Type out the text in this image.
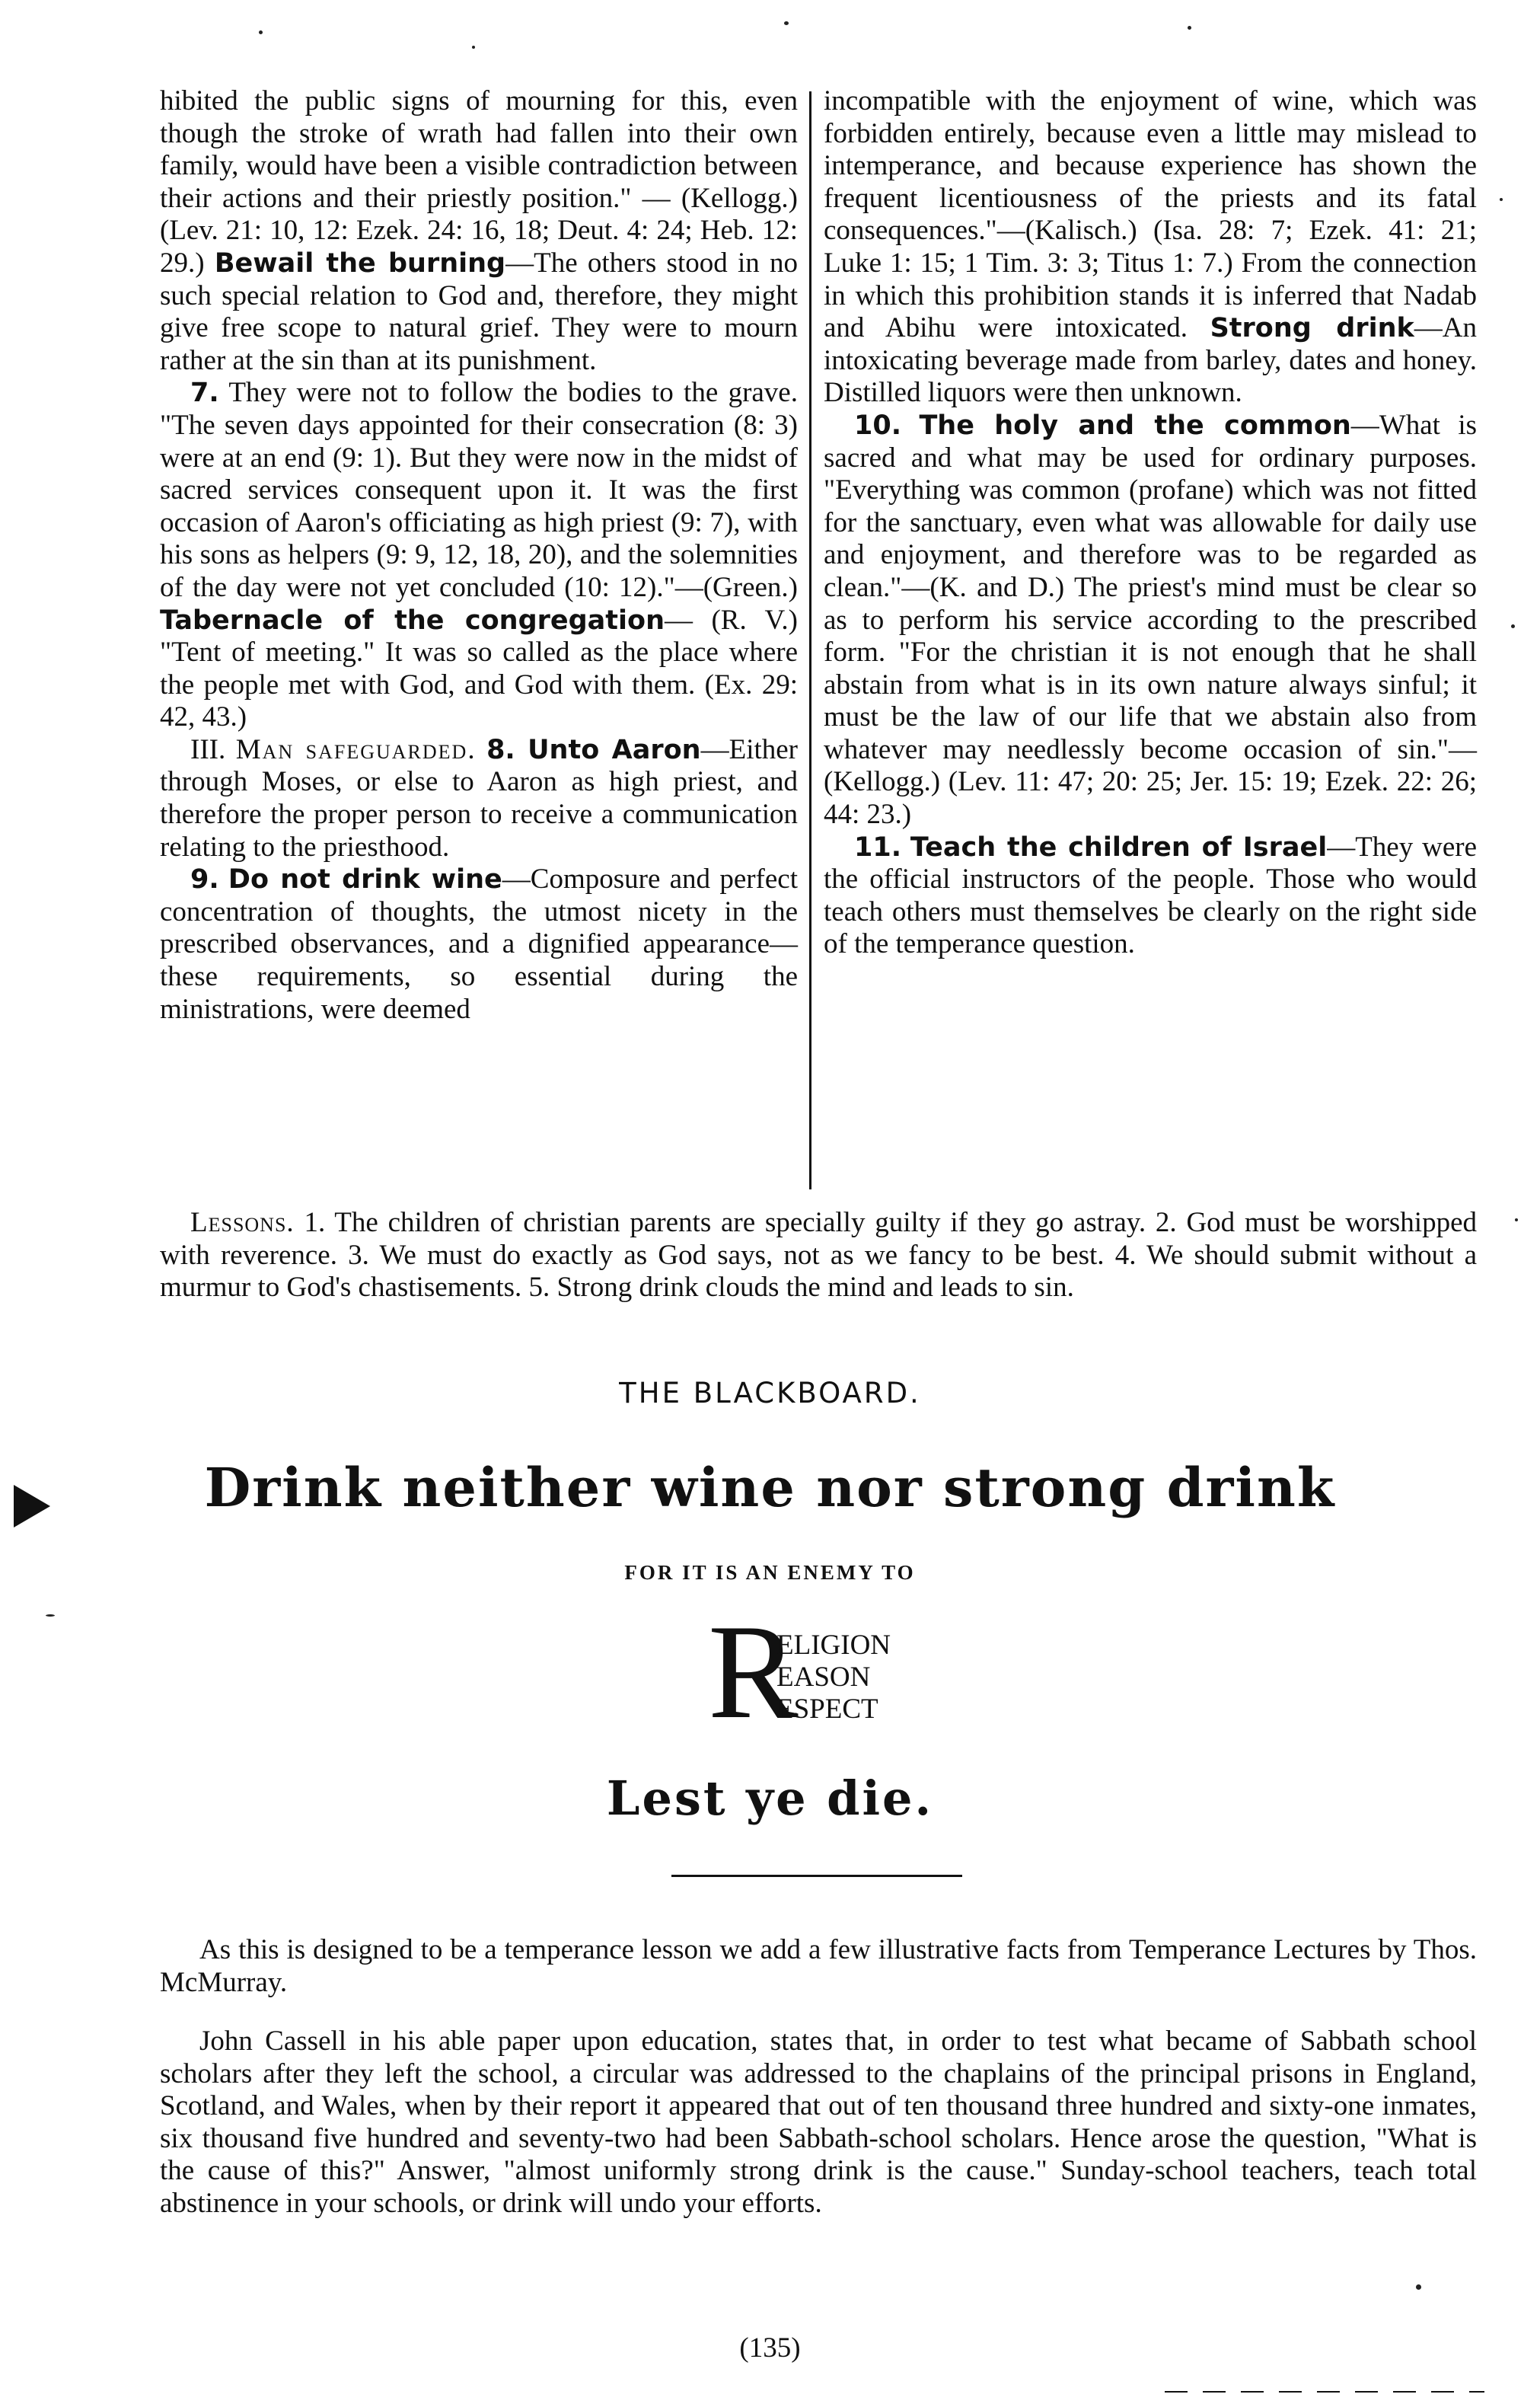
hibited the public signs of mourning for this, even though the stroke of wrath had fallen into their own family, would have been a visible contradiction between their actions and their priestly position." — (Kellogg.) (Lev. 21: 10, 12: Ezek. 24: 16, 18; Deut. 4: 24; Heb. 12: 29.) Bewail the burning—The others stood in no such special relation to God and, therefore, they might give free scope to natural grief. They were to mourn rather at the sin than at its punishment.

7. They were not to follow the bodies to the grave. "The seven days appointed for their consecration (8: 3) were at an end (9: 1). But they were now in the midst of sacred services consequent upon it. It was the first occasion of Aaron's officiating as high priest (9: 7), with his sons as helpers (9: 9, 12, 18, 20), and the solemnities of the day were not yet concluded (10: 12)."—(Green.) Tabernacle of the congregation— (R. V.) "Tent of meeting." It was so called as the place where the people met with God, and God with them. (Ex. 29: 42, 43.)

III. Man safeguarded. 8. Unto Aaron—Either through Moses, or else to Aaron as high priest, and therefore the proper person to receive a communication relating to the priesthood.

9. Do not drink wine—Composure and perfect concentration of thoughts, the utmost nicety in the prescribed observances, and a dignified appearance—these requirements, so essential during the ministrations, were deemed

incompatible with the enjoyment of wine, which was forbidden entirely, because even a little may mislead to intemperance, and because experience has shown the frequent licentiousness of the priests and its fatal consequences."—(Kalisch.) (Isa. 28: 7; Ezek. 41: 21; Luke 1: 15; 1 Tim. 3: 3; Titus 1: 7.) From the connection in which this prohibition stands it is inferred that Nadab and Abihu were intoxicated. Strong drink—An intoxicating beverage made from barley, dates and honey. Distilled liquors were then unknown.

10. The holy and the common—What is sacred and what may be used for ordinary purposes. "Everything was common (profane) which was not fitted for the sanctuary, even what was allowable for daily use and enjoyment, and therefore was to be regarded as clean."—(K. and D.) The priest's mind must be clear so as to perform his service according to the prescribed form. "For the christian it is not enough that he shall abstain from what is in its own nature always sinful; it must be the law of our life that we abstain also from whatever may needlessly become occasion of sin."—(Kellogg.) (Lev. 11: 47; 20: 25; Jer. 15: 19; Ezek. 22: 26; 44: 23.)

11. Teach the children of Israel—They were the official instructors of the people. Those who would teach others must themselves be clearly on the right side of the temperance question.

Lessons. 1. The children of christian parents are specially guilty if they go astray. 2. God must be worshipped with reverence. 3. We must do exactly as God says, not as we fancy to be best. 4. We should submit without a murmur to God's chastisements. 5. Strong drink clouds the mind and leads to sin.
THE BLACKBOARD.
Drink neither wine nor strong drink
FOR IT IS AN ENEMY TO
R
ELIGION
EASON
ESPECT
Lest ye die.

As this is designed to be a temperance lesson we add a few illustrative facts from Temperance Lectures by Thos. McMurray.

John Cassell in his able paper upon education, states that, in order to test what became of Sabbath school scholars after they left the school, a circular was addressed to the chaplains of the principal prisons in England, Scotland, and Wales, when by their report it appeared that out of ten thousand three hundred and sixty-one inmates, six thousand five hundred and seventy-two had been Sabbath-school scholars. Hence arose the question, "What is the cause of this?" Answer, "almost uniformly strong drink is the cause." Sunday-school teachers, teach total abstinence in your schools, or drink will undo your efforts.

(135)
